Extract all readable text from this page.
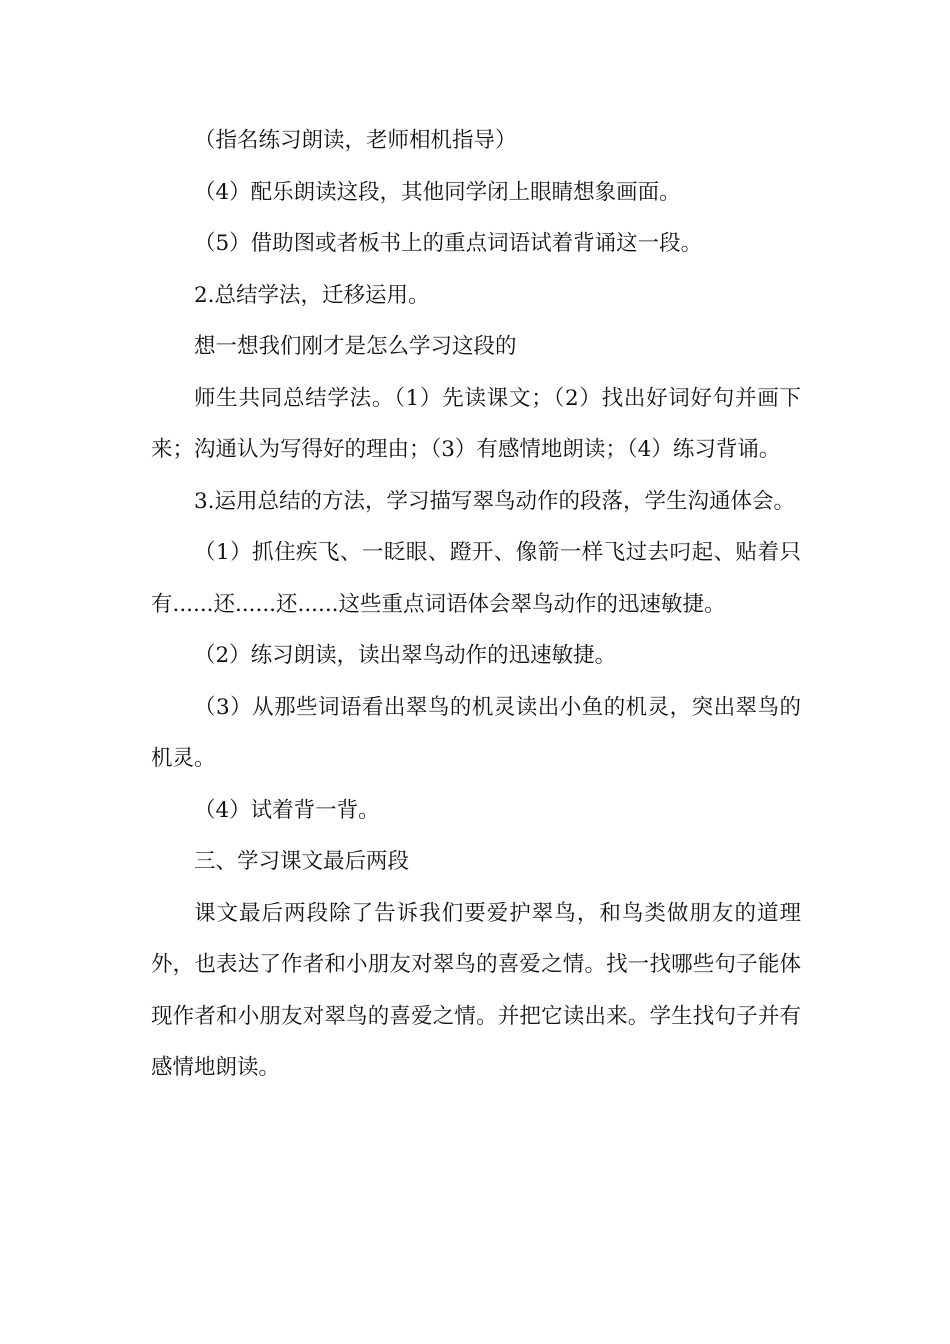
（指名练习朗读，老师相机指导）

（4）配乐朗读这段，其他同学闭上眼睛想象画面。

（5）借助图或者板书上的重点词语试着背诵这一段。

2.总结学法，迁移运用。

想一想我们刚才是怎么学习这段的

师生共同总结学法。（1）先读课文；（2）找出好词好句并画下来；沟通认为写得好的理由；（3）有感情地朗读；（4）练习背诵。

3.运用总结的方法，学习描写翠鸟动作的段落，学生沟通体会。

（1）抓住疾飞、一眨眼、蹬开、像箭一样飞过去叼起、贴着只有......还......还......这些重点词语体会翠鸟动作的迅速敏捷。

（2）练习朗读，读出翠鸟动作的迅速敏捷。

（3）从那些词语看出翠鸟的机灵读出小鱼的机灵，突出翠鸟的机灵。

（4）试着背一背。

三、学习课文最后两段

课文最后两段除了告诉我们要爱护翠鸟，和鸟类做朋友的道理外，也表达了作者和小朋友对翠鸟的喜爱之情。找一找哪些句子能体现作者和小朋友对翠鸟的喜爱之情。并把它读出来。学生找句子并有感情地朗读。
